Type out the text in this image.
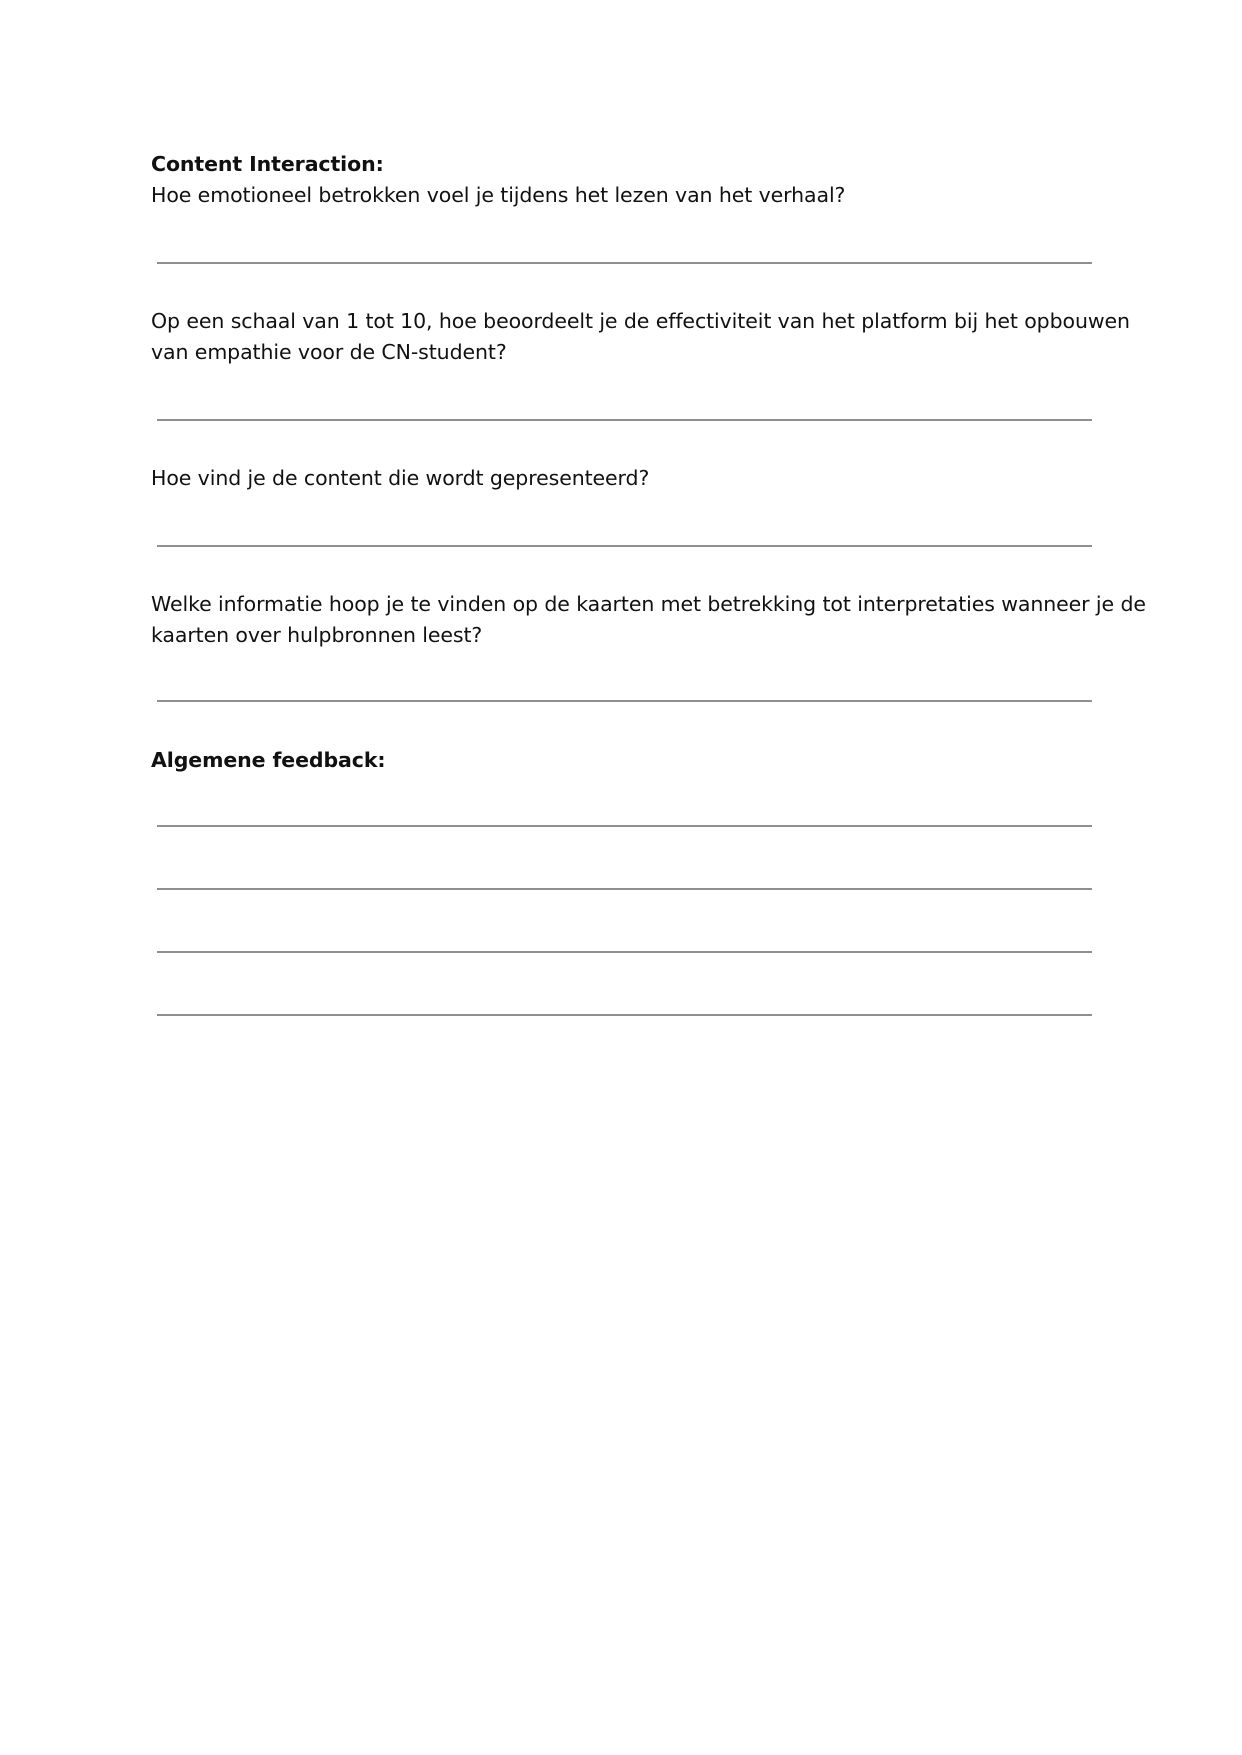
Content Interaction:
Hoe emotioneel betrokken voel je tijdens het lezen van het verhaal?
Op een schaal van 1 tot 10, hoe beoordeelt je de effectiviteit van het platform bij het opbouwen
van empathie voor de CN-student?
Hoe vind je de content die wordt gepresenteerd?
Welke informatie hoop je te vinden op de kaarten met betrekking tot interpretaties wanneer je de
kaarten over hulpbronnen leest?
Algemene feedback:
